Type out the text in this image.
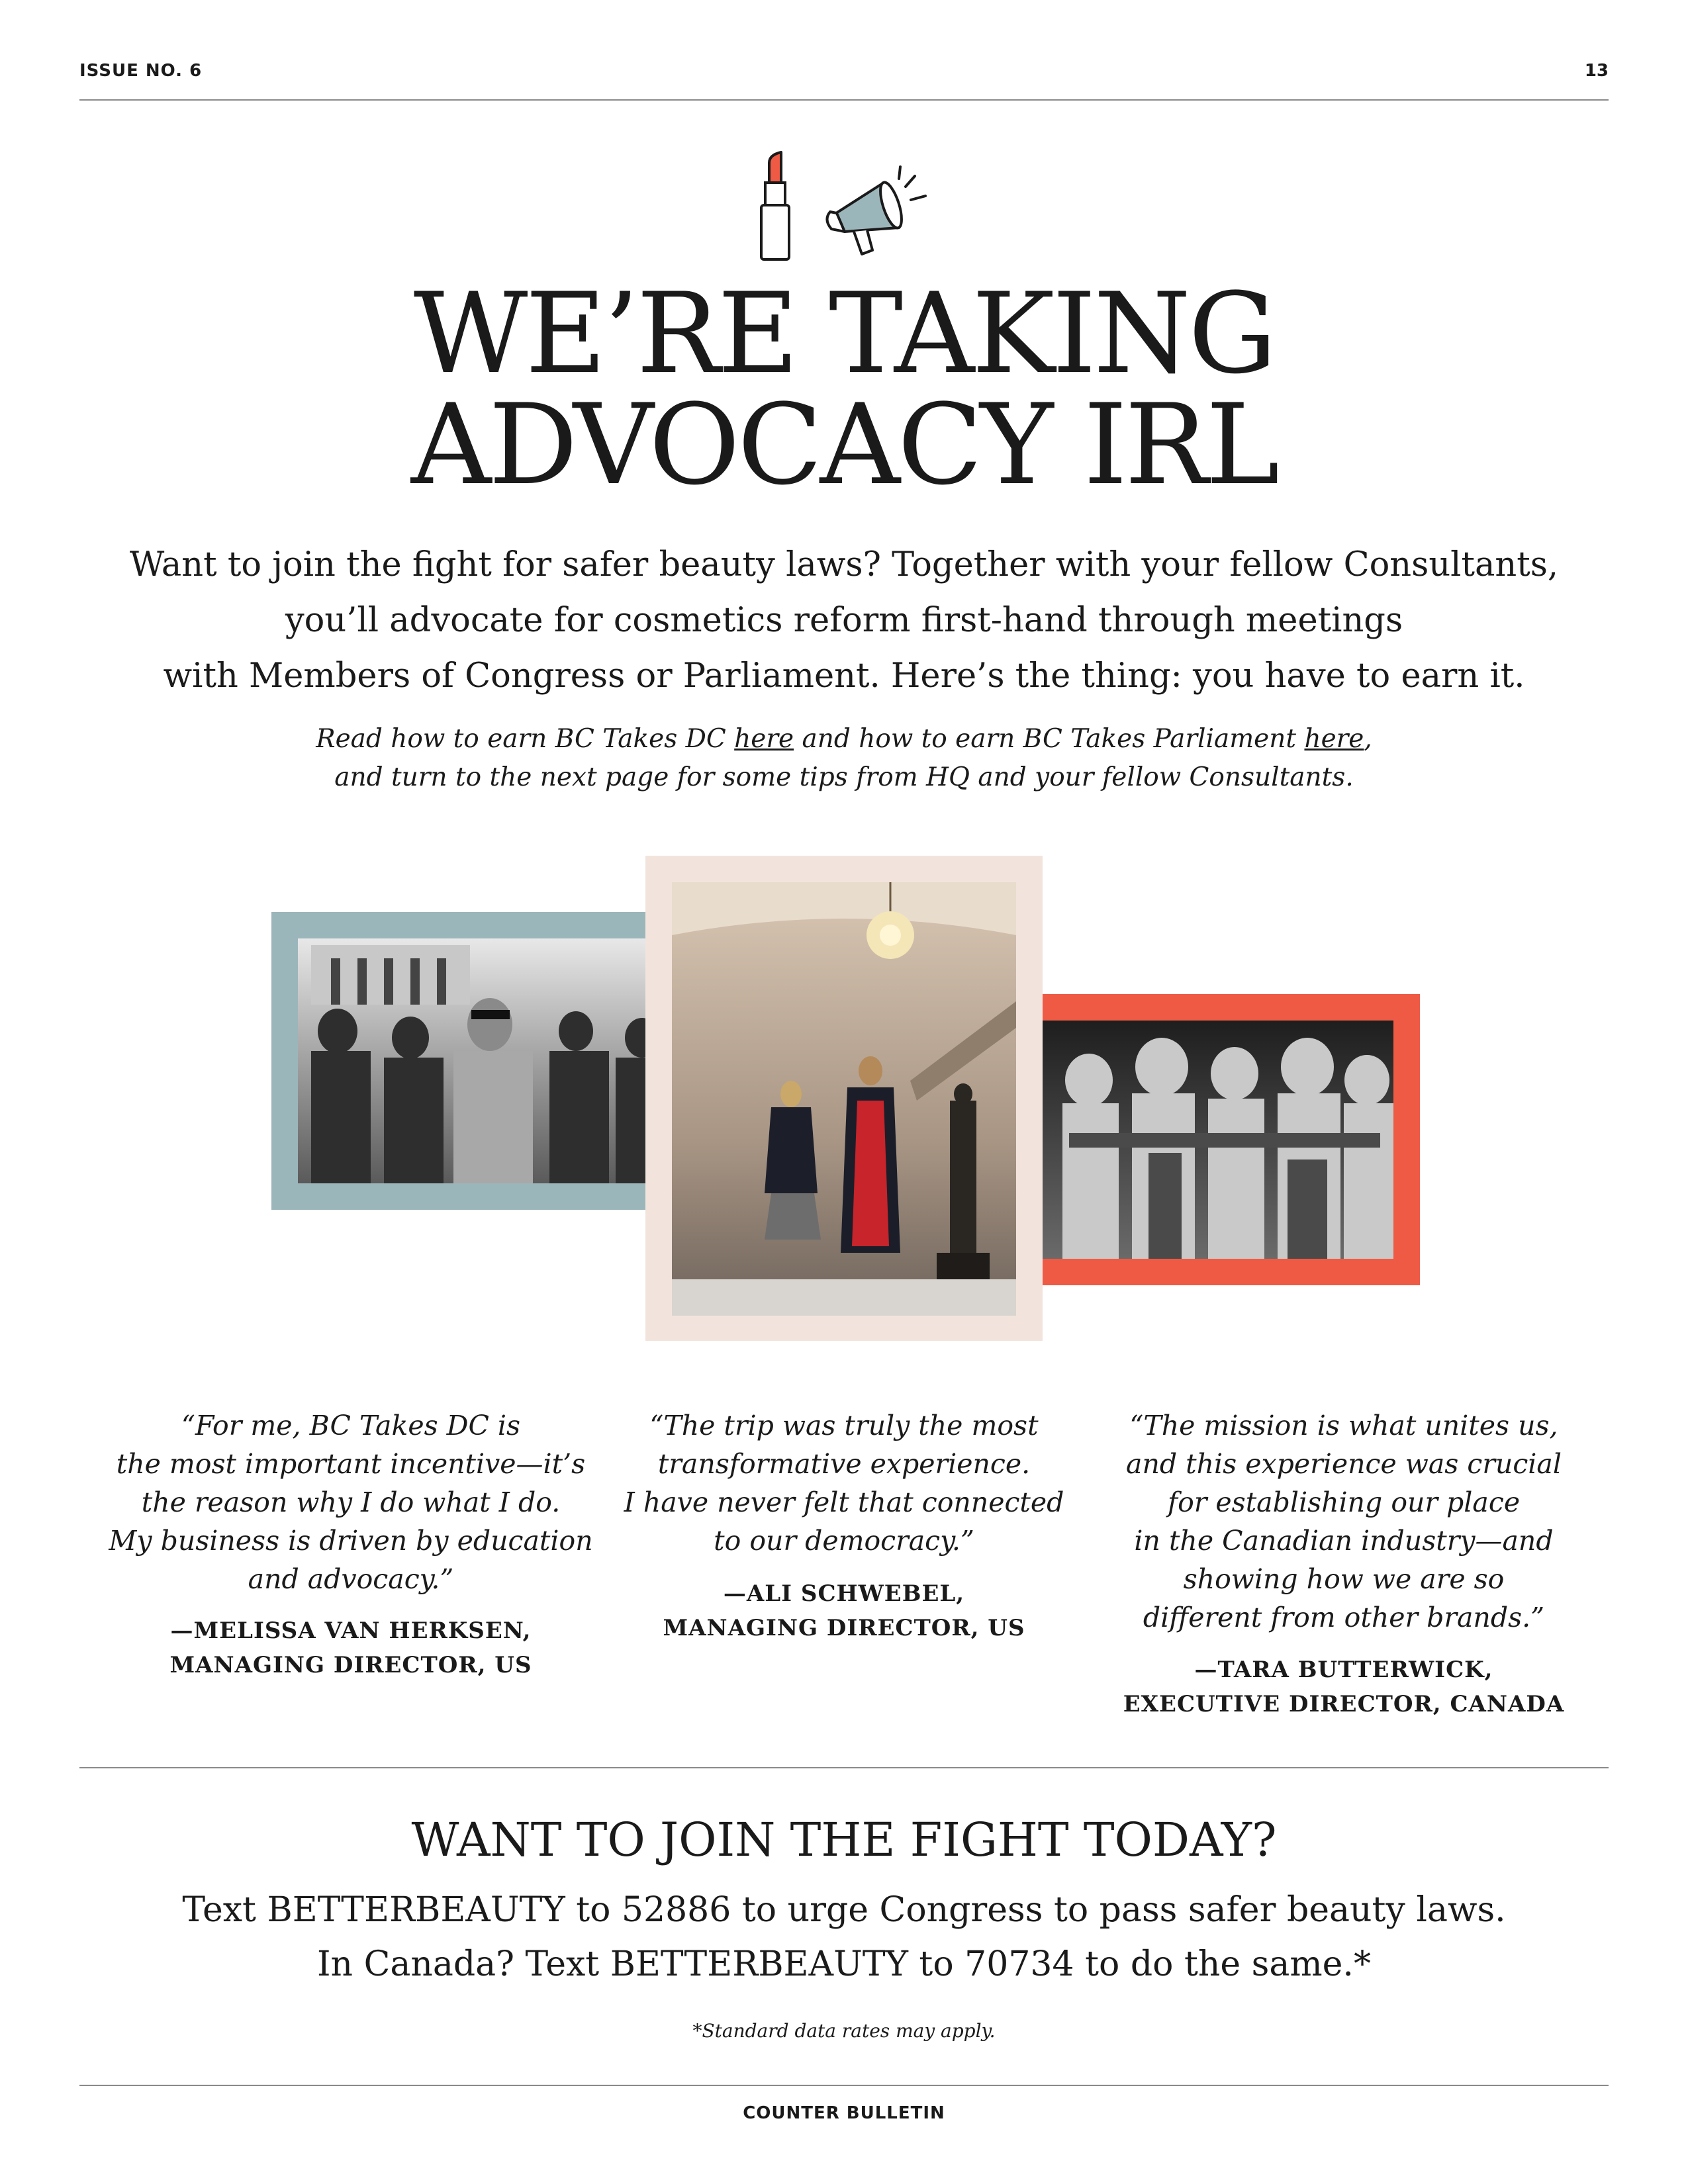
ISSUE NO. 6	13
WE’RE TAKING
ADVOCACY IRL
Want to join the fight for safer beauty laws? Together with your fellow Consultants,
you’ll advocate for cosmetics reform first-hand through meetings
with Members of Congress or Parliament. Here’s the thing: you have to earn it.
Read how to earn BC Takes DC here and how to earn BC Takes Parliament here,
and turn to the next page for some tips from HQ and your fellow Consultants.
“For me, BC Takes DC is
the most important incentive—it’s
the reason why I do what I do.
My business is driven by education
and advocacy.”
—MELISSA VAN HERKSEN,
MANAGING DIRECTOR, US
“The trip was truly the most
transformative experience.
I have never felt that connected
to our democracy.”
—ALI SCHWEBEL,
MANAGING DIRECTOR, US
“The mission is what unites us,
and this experience was crucial
for establishing our place
in the Canadian industry—and
showing how we are so
different from other brands.”
—TARA BUTTERWICK,
EXECUTIVE DIRECTOR, CANADA
WANT TO JOIN THE FIGHT TODAY?
Text BETTERBEAUTY to 52886 to urge Congress to pass safer beauty laws.
In Canada? Text BETTERBEAUTY to 70734 to do the same.*
*Standard data rates may apply.
COUNTER BULLETIN
